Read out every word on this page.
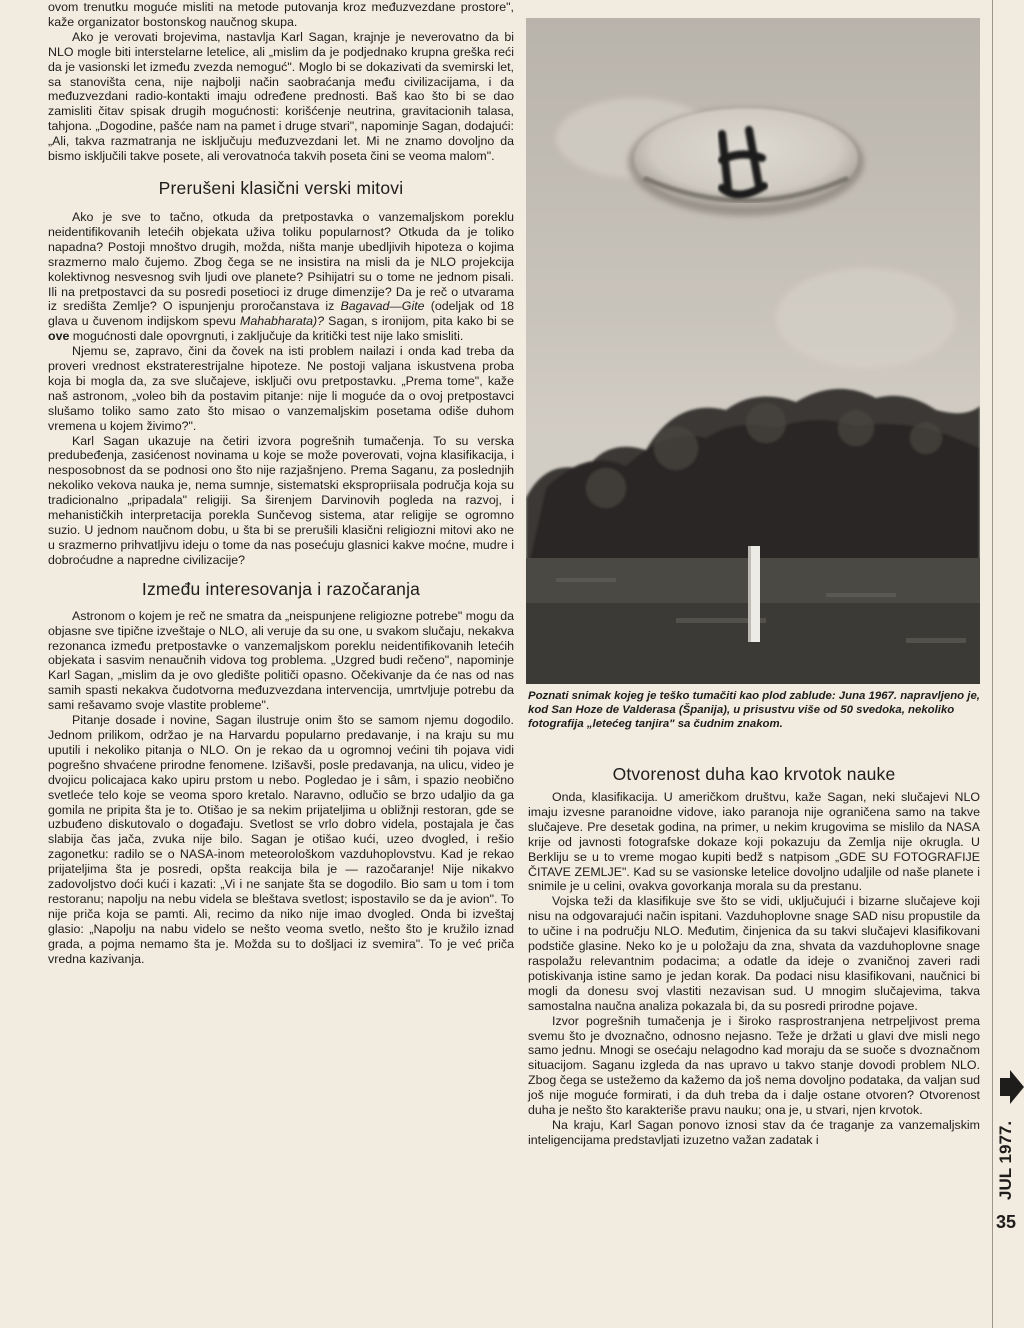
ovom trenutku moguće misliti na metode putovanja kroz međuzvezdane prostore", kaže organizator bostonskog naučnog skupa.

Ako je verovati brojevima, nastavlja Karl Sagan, krajnje je neverovatno da bi NLO mogle biti interstelarne letelice, ali „mislim da je podjednako krupna greška reći da je vasionski let između zvezda nemoguć". Moglo bi se dokazivati da svemirski let, sa stanovišta cena, nije najbolji način saobraćanja među civilizacijama, i da međuzvezdani radio-kontakti imaju određene prednosti. Baš kao što bi se dao zamisliti čitav spisak drugih mogućnosti: korišćenje neutrina, gravitacionih talasa, tahjona. „Dogodine, pašće nam na pamet i druge stvari", napominje Sagan, dodajući: „Ali, takva razmatranja ne isključuju međuzvezdani let. Mi ne znamo dovoljno da bismo isključili takve posete, ali verovatnoća takvih poseta čini se veoma malom".

Prerušeni klasični verski mitovi

Ako je sve to tačno, otkuda da pretpostavka o vanzemaljskom poreklu neidentifikovanih letećih objekata uživa toliku popularnost? Otkuda da je toliko napadna? Postoji mnoštvo drugih, možda, ništa manje ubedljivih hipoteza o kojima srazmerno malo čujemo. Zbog čega se ne insistira na misli da je NLO projekcija kolektivnog nesvesnog svih ljudi ove planete? Psihijatri su o tome ne jednom pisali. Ili na pretpostavci da su posredi posetioci iz druge dimenzije? Da je reč o utvarama iz središta Zemlje? O ispunjenju proročanstava iz Bagavad—Gite (odeljak od 18 glava u čuvenom indijskom spevu Mahabharata)? Sagan, s ironijom, pita kako bi se ove mogućnosti dale opovrgnuti, i zaključuje da kritički test nije lako smisliti.

Njemu se, zapravo, čini da čovek na isti problem nailazi i onda kad treba da proveri vrednost ekstraterestrijalne hipoteze. Ne postoji valjana iskustvena proba koja bi mogla da, za sve slučajeve, isključi ovu pretpostavku. „Prema tome", kaže naš astronom, „voleo bih da postavim pitanje: nije li moguće da o ovoj pretpostavci slušamo toliko samo zato što misao o vanzemaljskim posetama odiše duhom vremena u kojem živimo?".

Karl Sagan ukazuje na četiri izvora pogrešnih tumačenja. To su verska predubeđenja, zasićenost novinama u koje se može poverovati, vojna klasifikacija, i nesposobnost da se podnosi ono što nije razjašnjeno. Prema Saganu, za poslednjih nekoliko vekova nauka je, nema sumnje, sistematski ekspropriisala područja koja su tradicionalno „pripadala" religiji. Sa širenjem Darvinovih pogleda na razvoj, i mehanističkih interpretacija porekla Sunčevog sistema, atar religije se ogromno suzio. U jednom naučnom dobu, u šta bi se prerušili klasični religiozni mitovi ako ne u srazmerno prihvatljivu ideju o tome da nas posećuju glasnici kakve moćne, mudre i dobroćudne a napredne civilizacije?

Između interesovanja i razočaranja

Astronom o kojem je reč ne smatra da „neispunjene religiozne potrebe" mogu da objasne sve tipične izveštaje o NLO, ali veruje da su one, u svakom slučaju, nekakva rezonanca između pretpostavke o vanzemaljskom poreklu neidentifikovanih letećih objekata i sasvim nenaučnih vidova tog problema. „Uzgred budi rečeno", napominje Karl Sagan, „mislim da je ovo gledište političi opasno. Očekivanje da će nas od nas samih spasti nekakva čudotvorna međuzvezdana intervencija, umrtvljuje potrebu da sami rešavamo svoje vlastite probleme".

Pitanje dosade i novine, Sagan ilustruje onim što se samom njemu dogodilo. Jednom prilikom, održao je na Harvardu popularno predavanje, i na kraju su mu uputili i nekoliko pitanja o NLO. On je rekao da u ogromnoj većini tih pojava vidi pogrešno shvaćene prirodne fenomene. Izišavši, posle predavanja, na ulicu, video je dvojicu policajaca kako upiru prstom u nebo. Pogledao je i sâm, i spazio neobično svetleće telo koje se veoma sporo kretalo. Naravno, odlučio se brzo udaljio da ga gomila ne pripita šta je to. Otišao je sa nekim prijateljima u obližnji restoran, gde se uzbuđeno diskutovalo o događaju. Svetlost se vrlo dobro videla, postajala je čas slabija čas jača, zvuka nije bilo. Sagan je otišao kući, uzeo dvogled, i rešio zagonetku: radilo se o NASA-inom meteorološkom vazduhoplovstvu. Kad je rekao prijateljima šta je posredi, opšta reakcija bila je — razočaranje! Nije nikakvo zadovoljstvo doći kući i kazati: „Vi i ne sanjate šta se dogodilo. Bio sam u tom i tom restoranu; napolju na nebu videla se bleštava svetlost; ispostavilo se da je avion". To nije priča koja se pamti. Ali, recimo da niko nije imao dvogled. Onda bi izveštaj glasio: „Napolju na nabu videlo se nešto veoma svetlo, nešto što je kružilo iznad grada, a pojma nemamo šta je. Možda su to došljaci iz svemira". To je već priča vredna kazivanja.

Poznati snimak kojeg je teško tumačiti kao plod zablude: Juna 1967. napravljeno je, kod San Hoze de Valderasa (Španija), u prisustvu više od 50 svedoka, nekoliko fotografija „letećeg tanjira" sa čudnim znakom.
Otvorenost duha kao krvotok nauke

Onda, klasifikacija. U američkom društvu, kaže Sagan, neki slučajevi NLO imaju izvesne paranoidne vidove, iako paranoja nije ograničena samo na takve slučajeve. Pre desetak godina, na primer, u nekim krugovima se mislilo da NASA krije od javnosti fotografske dokaze koji pokazuju da Zemlja nije okrugla. U Berkliju se u to vreme mogao kupiti bedž s natpisom „GDE SU FOTOGRAFIJE ČITAVE ZEMLJE". Kad su se vasionske letelice dovoljno udaljile od naše planete i snimile je u celini, ovakva govorkanja morala su da prestanu.

Vojska teži da klasifikuje sve što se vidi, uključujući i bizarne slučajeve koji nisu na odgovarajući način ispitani. Vazduhoplovne snage SAD nisu propustile da to učine i na području NLO. Međutim, činjenica da su takvi slučajevi klasifikovani podstiče glasine. Neko ko je u položaju da zna, shvata da vazduhoplovne snage raspolažu relevantnim podacima; a odatle da ideje o zvaničnoj zaveri radi potiskivanja istine samo je jedan korak. Da podaci nisu klasifikovani, naučnici bi mogli da donesu svoj vlastiti nezavisan sud. U mnogim slučajevima, takva samostalna naučna analiza pokazala bi, da su posredi prirodne pojave.

Izvor pogrešnih tumačenja je i široko rasprostranjena netrpeljivost prema svemu što je dvoznačno, odnosno nejasno. Teže je držati u glavi dve misli nego samo jednu. Mnogi se osećaju nelagodno kad moraju da se suoče s dvoznačnom situacijom. Saganu izgleda da nas upravo u takvo stanje dovodi problem NLO. Zbog čega se ustežemo da kažemo da još nema dovoljno podataka, da valjan sud još nije moguće formirati, i da duh treba da i dalje ostane otvoren? Otvorenost duha je nešto što karakteriše pravu nauku; ona je, u stvari, njen krvotok.

Na kraju, Karl Sagan ponovo iznosi stav da će traganje za vanzemaljskim inteligencijama predstavljati izuzetno važan zadatak i	JUL 1977.
35
